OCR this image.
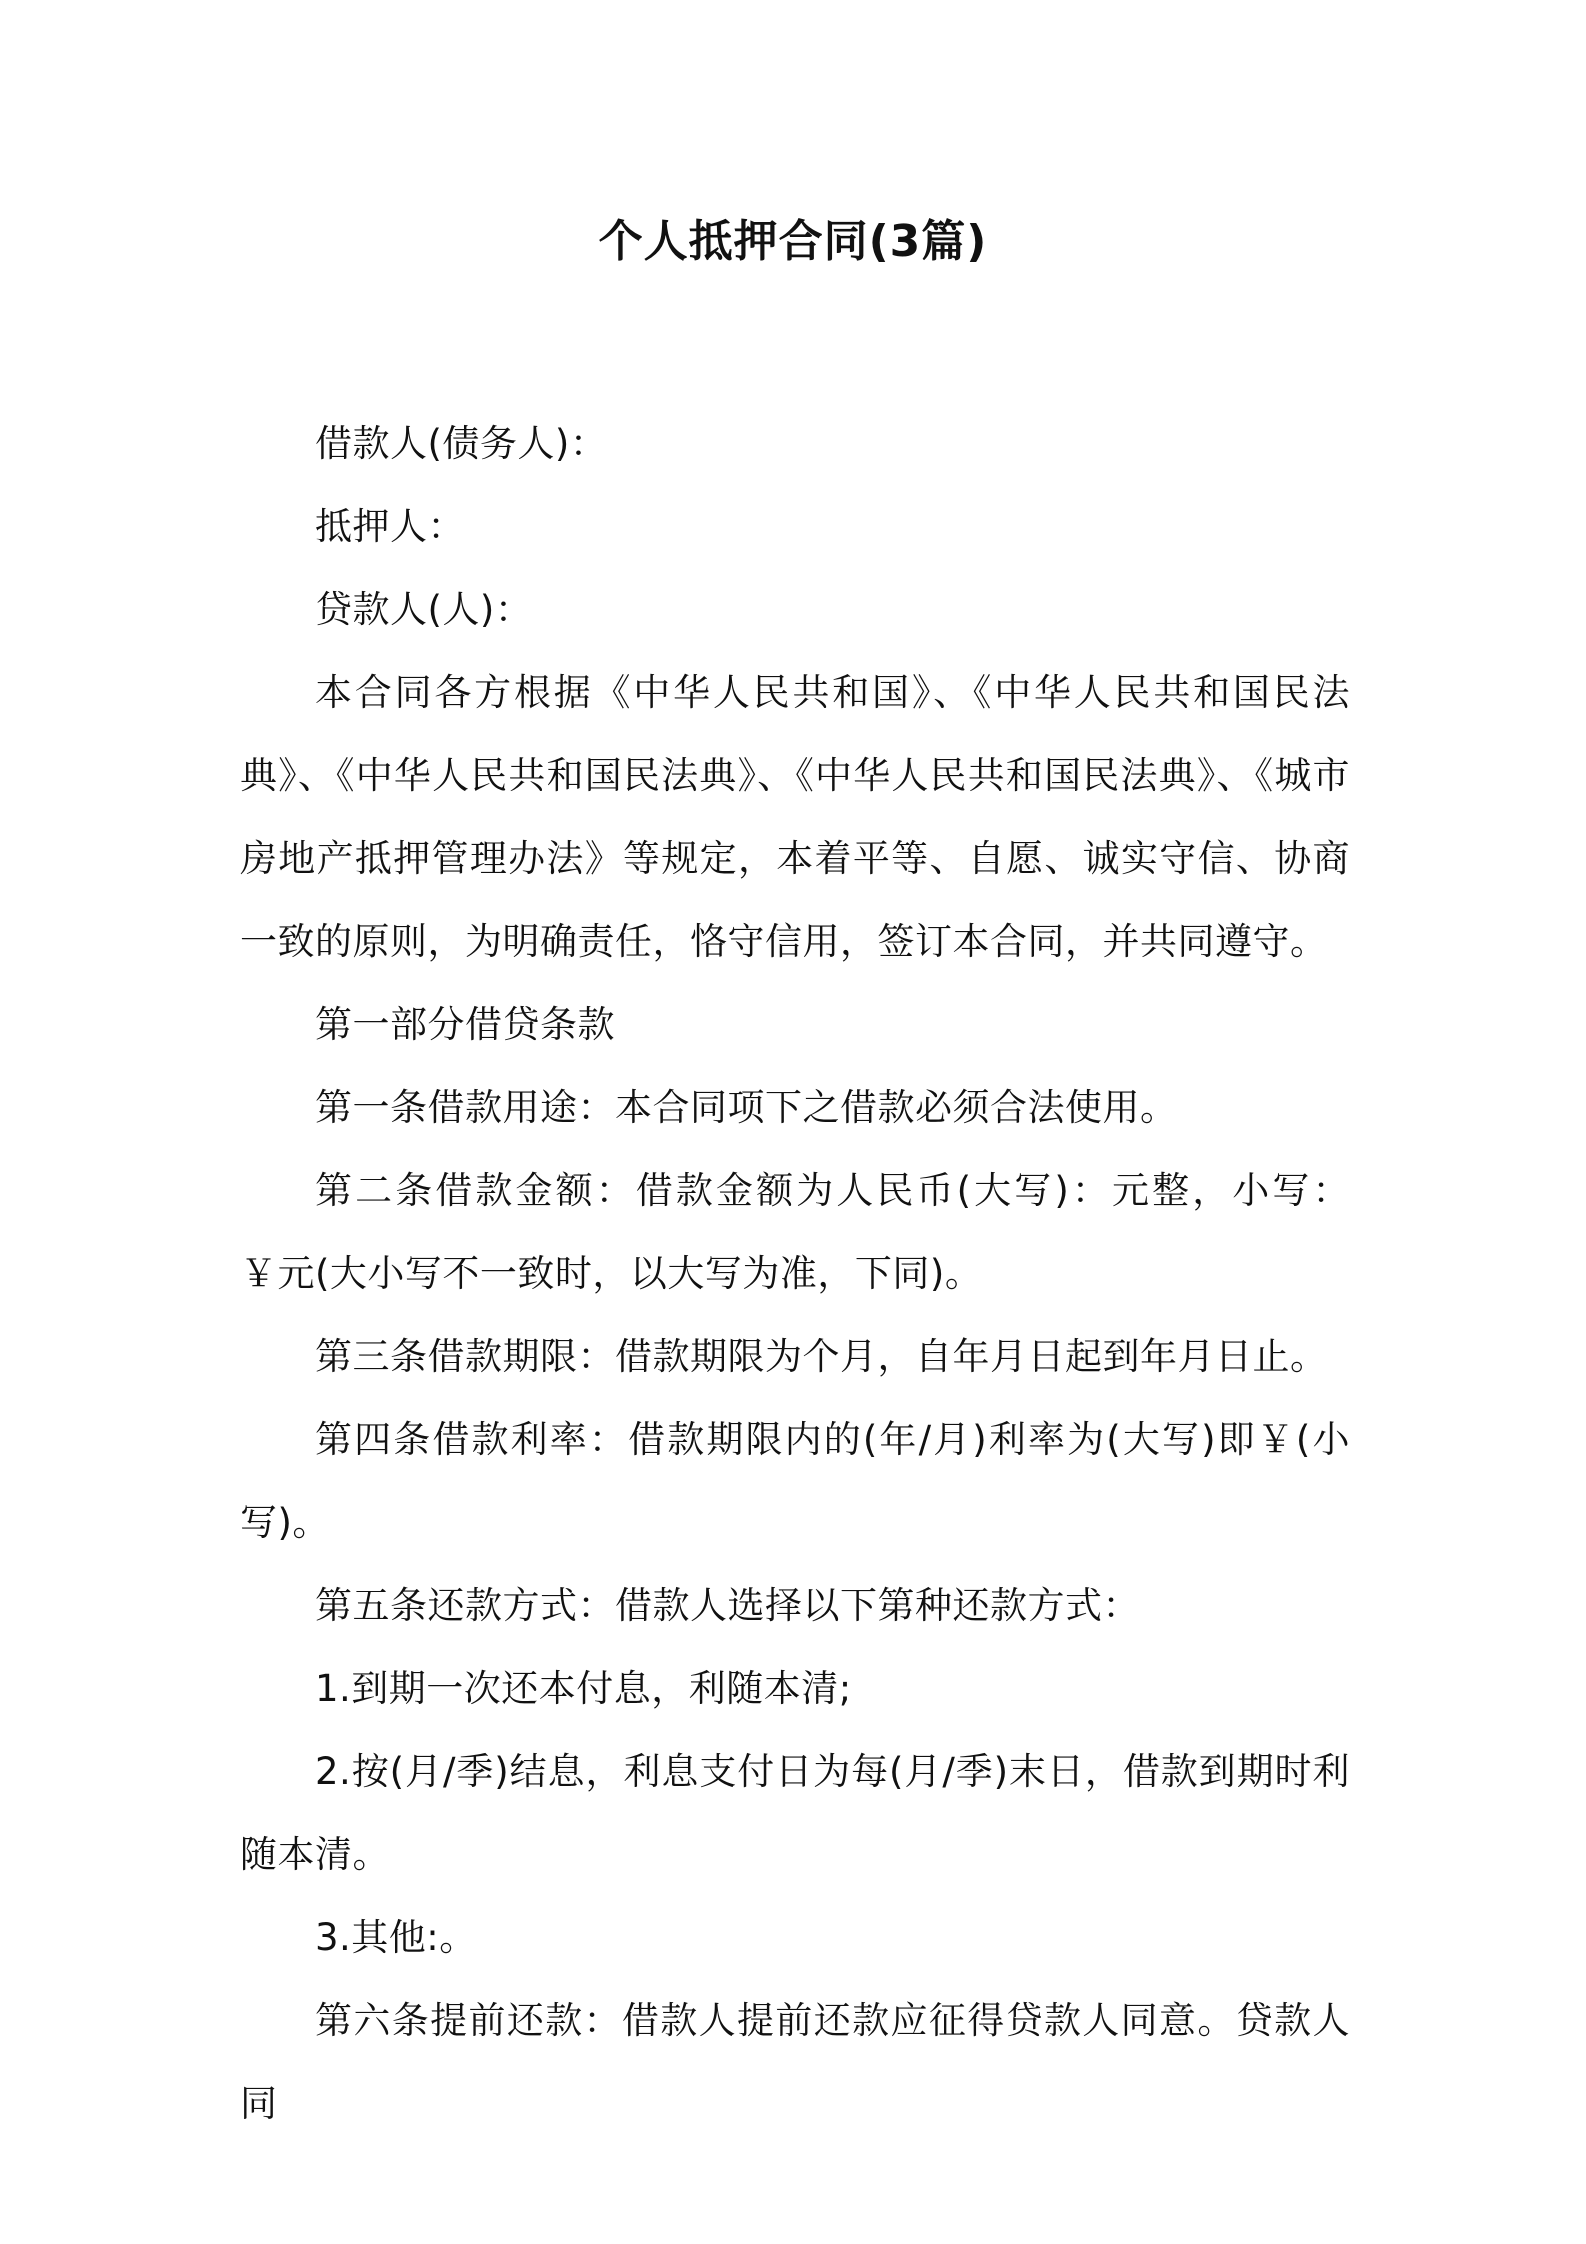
个人抵押合同(3篇)

借款人(债务人)：

抵押人：

贷款人(人)：

本合同各方根据《中华人民共和国》、《中华人民共和国民法典》、《中华人民共和国民法典》、《中华人民共和国民法典》、《城市房地产抵押管理办法》等规定，本着平等、自愿、诚实守信、协商一致的原则，为明确责任，恪守信用，签订本合同，并共同遵守。

第一部分借贷条款

第一条借款用途：本合同项下之借款必须合法使用。

第二条借款金额：借款金额为人民币(大写)：元整，小写：￥元(大小写不一致时，以大写为准，下同)。

第三条借款期限：借款期限为个月，自年月日起到年月日止。

第四条借款利率：借款期限内的(年/月)利率为(大写)即￥(小写)。

第五条还款方式：借款人选择以下第种还款方式：

1.到期一次还本付息，利随本清;

2.按(月/季)结息，利息支付日为每(月/季)末日，借款到期时利随本清。

3.其他:。

第六条提前还款：借款人提前还款应征得贷款人同意。贷款人同
